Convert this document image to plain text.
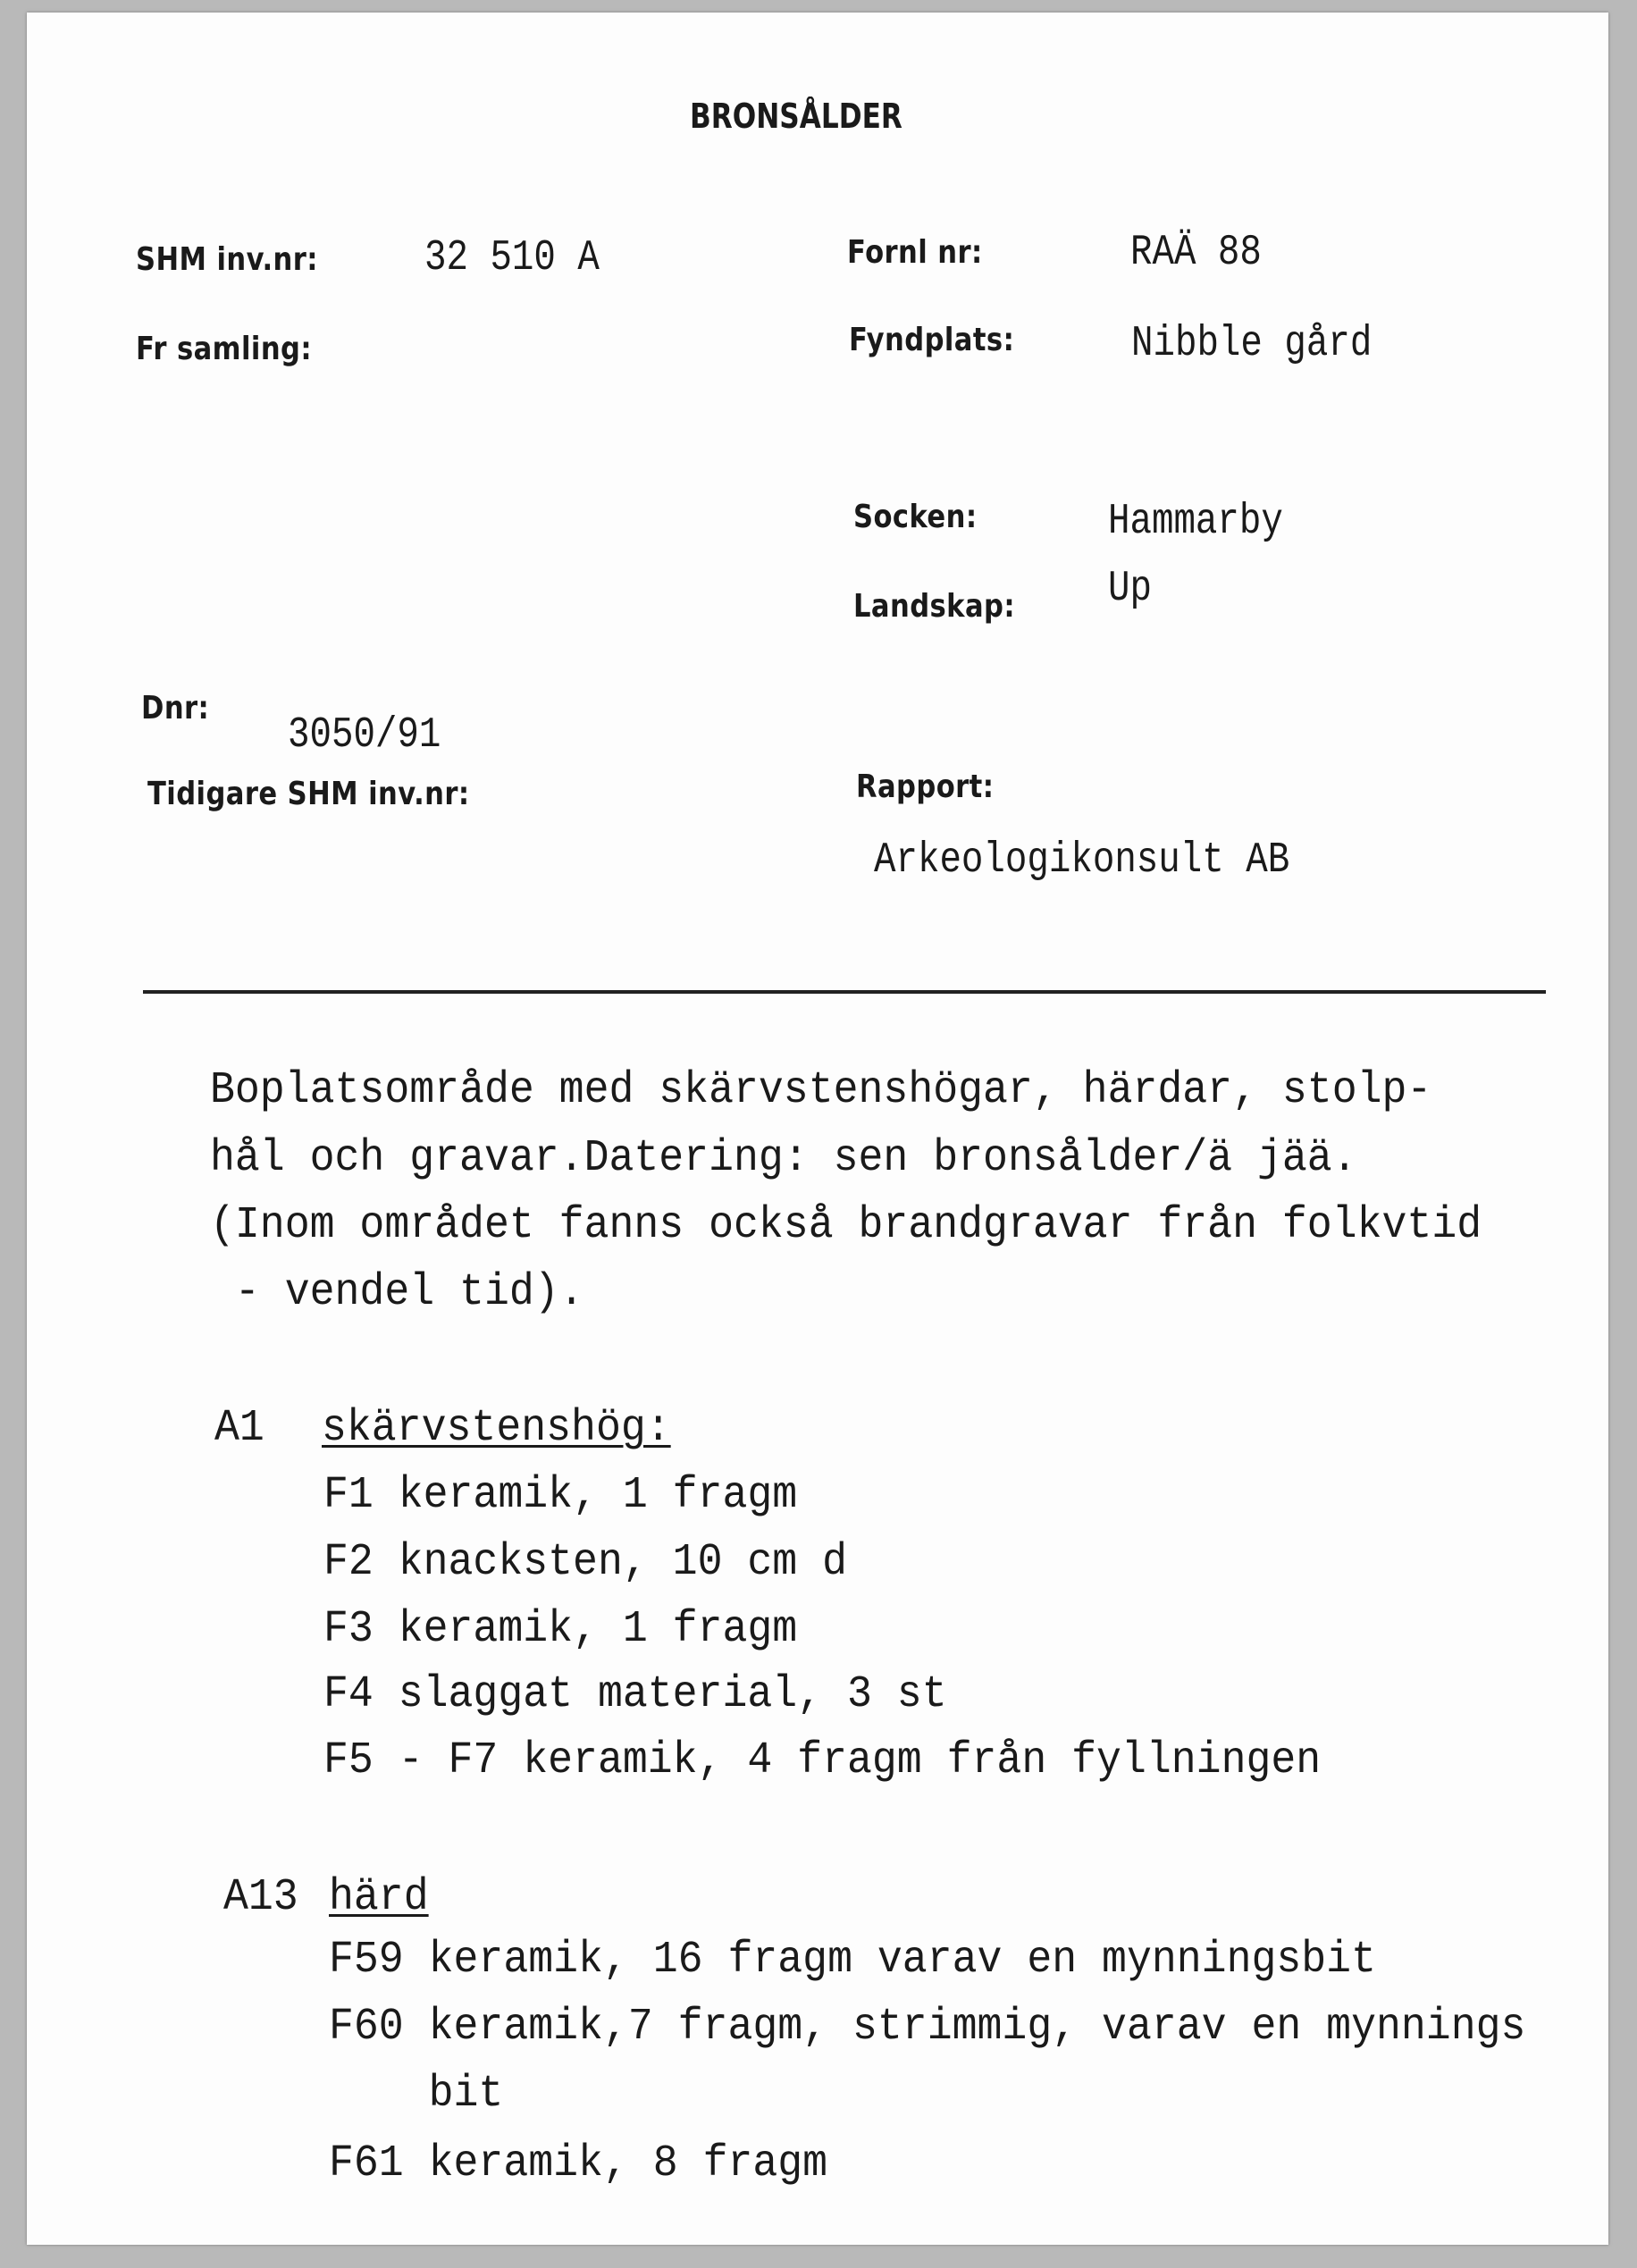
BRONSÅLDER
SHM inv.nr: 32 510 A	Fornl nr:	RAÄ 88
Fr samling:	Fyndplats:	Nibble gård
Socken:	Hammarby
Landskap: Up
Dnr:
3050/91
Tidigare SHM inv.nr:	Rapport:
Arkeologikonsult AB
Boplatsområde med skärvstenshögar, härdar, stolp-
hål och gravar.Datering: sen bronsålder/ä jää.
(Inom området fanns också brandgravar från folkvtid
- vendel tid).
A1 skärvstenshög:
F1 keramik, 1 fragm
F2 knacksten, 10 cm d
F3 keramik, 1 fragm
F4 slaggat material, 3 st
F5 - F7 keramik, 4 fragm från fyllningen
A13 härd
F59 keramik, 16 fragm varav en mynningsbit
F60 keramik,7 fragm, strimmig, varav en mynnings
bit
F61 keramik, 8 fragm
